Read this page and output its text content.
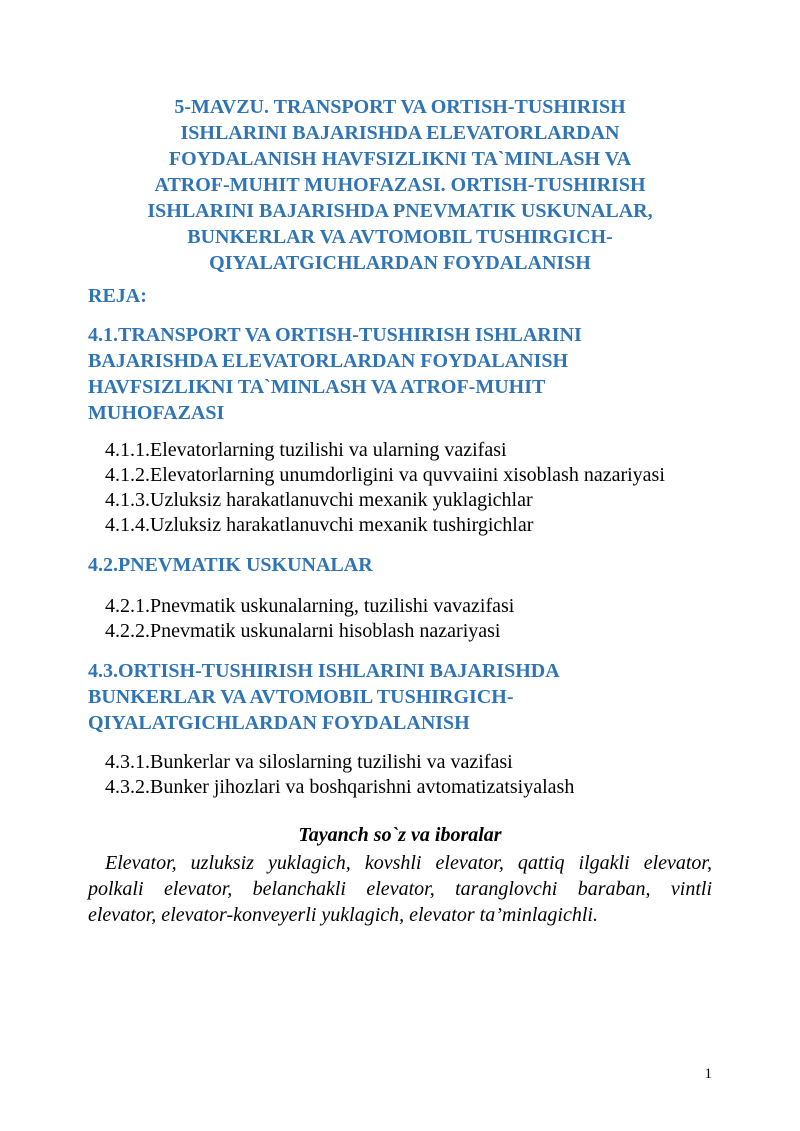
5-MAVZU. TRANSPORT VA ORTISH-TUSHIRISH
ISHLARINI BAJARISHDA ELEVATORLARDAN
FOYDALANISH HAVFSIZLIKNI TA`MINLASH VA
ATROF-MUHIT MUHOFAZASI. ORTISH-TUSHIRISH
ISHLARINI BAJARISHDA PNEVMATIK USKUNALAR,
BUNKERLAR VA AVTOMOBIL TUSHIRGICH-
QIYALATGICHLARDAN FOYDALANISH
REJA:
4.1.TRANSPORT VA ORTISH-TUSHIRISH ISHLARINI
BAJARISHDA ELEVATORLARDAN FOYDALANISH
HAVFSIZLIKNI TA`MINLASH VA ATROF-MUHIT
MUHOFAZASI
4.1.1.Elevatorlarning tuzilishi va ularning vazifasi
4.1.2.Elevatorlarning unumdorligini va quvvaiini xisoblash nazariyasi
4.1.3.Uzluksiz harakatlanuvchi mexanik yuklagichlar
4.1.4.Uzluksiz harakatlanuvchi mexanik tushirgichlar
4.2.PNEVMATIK USKUNALAR
4.2.1.Pnevmatik uskunalarning, tuzilishi vavazifasi
4.2.2.Pnevmatik uskunalarni hisoblash nazariyasi
4.3.ORTISH-TUSHIRISH ISHLARINI BAJARISHDA
BUNKERLAR VA AVTOMOBIL TUSHIRGICH-
QIYALATGICHLARDAN FOYDALANISH
4.3.1.Bunkerlar va siloslarning tuzilishi va vazifasi
4.3.2.Bunker jihozlari va boshqarishni avtomatizatsiyalash
Tayanch so`z va iboralar
Elevator, uzluksiz yuklagich, kovshli elevator, qattiq ilgakli elevator,
polkali elevator, belanchakli elevator, taranglovchi baraban, vintli
elevator, elevator-konveyerli yuklagich, elevator ta’minlagichli.
1
